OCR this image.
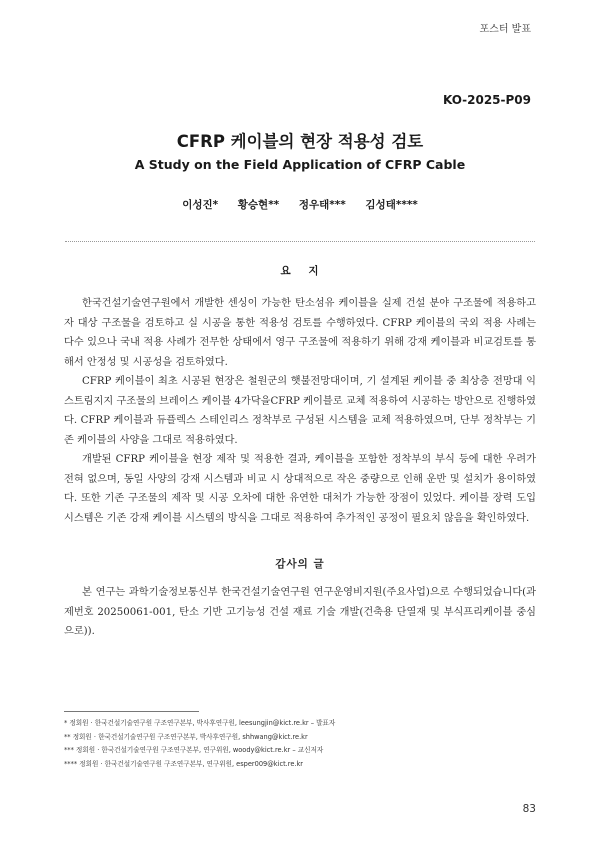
포스터 발표
KO-2025-P09
CFRP 케이블의 현장 적용성 검토
A Study on the Field Application of CFRP Cable
이성진* 황승현** 정우태*** 김성태****
요 지

한국건설기술연구원에서 개발한 센싱이 가능한 탄소섬유 케이블을 실제 건설 분야 구조물에 적용하고자 대상 구조물을 검토하고 실 시공을 통한 적용성 검토를 수행하였다. CFRP 케이블의 국외 적용 사례는 다수 있으나 국내 적용 사례가 전무한 상태에서 영구 구조물에 적용하기 위해 강재 케이블과 비교검토를 통해서 안정성 및 시공성을 검토하였다.

CFRP 케이블이 최초 시공된 현장은 철원군의 햇불전망대이며, 기 설계된 케이블 중 최상층 전망대 익스트림지지 구조물의 브레이스 케이블 4가닥을CFRP 케이블로 교체 적용하여 시공하는 방안으로 진행하였다. CFRP 케이블과 듀플렉스 스테인리스 정착부로 구성된 시스템을 교체 적용하였으며, 단부 정착부는 기존 케이블의 사양을 그대로 적용하였다.

개발된 CFRP 케이블을 현장 제작 및 적용한 결과, 케이블을 포함한 정착부의 부식 등에 대한 우려가 전혀 없으며, 동일 사양의 강재 시스템과 비교 시 상대적으로 작은 중량으로 인해 운반 및 설치가 용이하였다. 또한 기존 구조물의 제작 및 시공 오차에 대한 유연한 대처가 가능한 장점이 있었다. 케이블 장력 도입 시스템은 기존 강재 케이블 시스템의 방식을 그대로 적용하여 추가적인 공정이 필요치 않음을 확인하였다.

감사의 글

본 연구는 과학기술정보통신부 한국건설기술연구원 연구운영비지원(주요사업)으로 수행되었습니다(과제번호 20250061-001, 탄소 기반 고기능성 건설 재료 기술 개발(건축용 단열재 및 부식프리케이블 중심으로)).

* 정회원 · 한국건설기술연구원 구조연구본부, 박사후연구원, leesungjin@kict.re.kr – 발표자
** 정회원 · 한국건설기술연구원 구조연구본부, 박사후연구원, shhwang@kict.re.kr
*** 정회원 · 한국건설기술연구원 구조연구본부, 연구위원, woody@kict.re.kr – 교신저자
**** 정회원 · 한국건설기술연구원 구조연구본부, 연구위원, esper009@kict.re.kr
83
